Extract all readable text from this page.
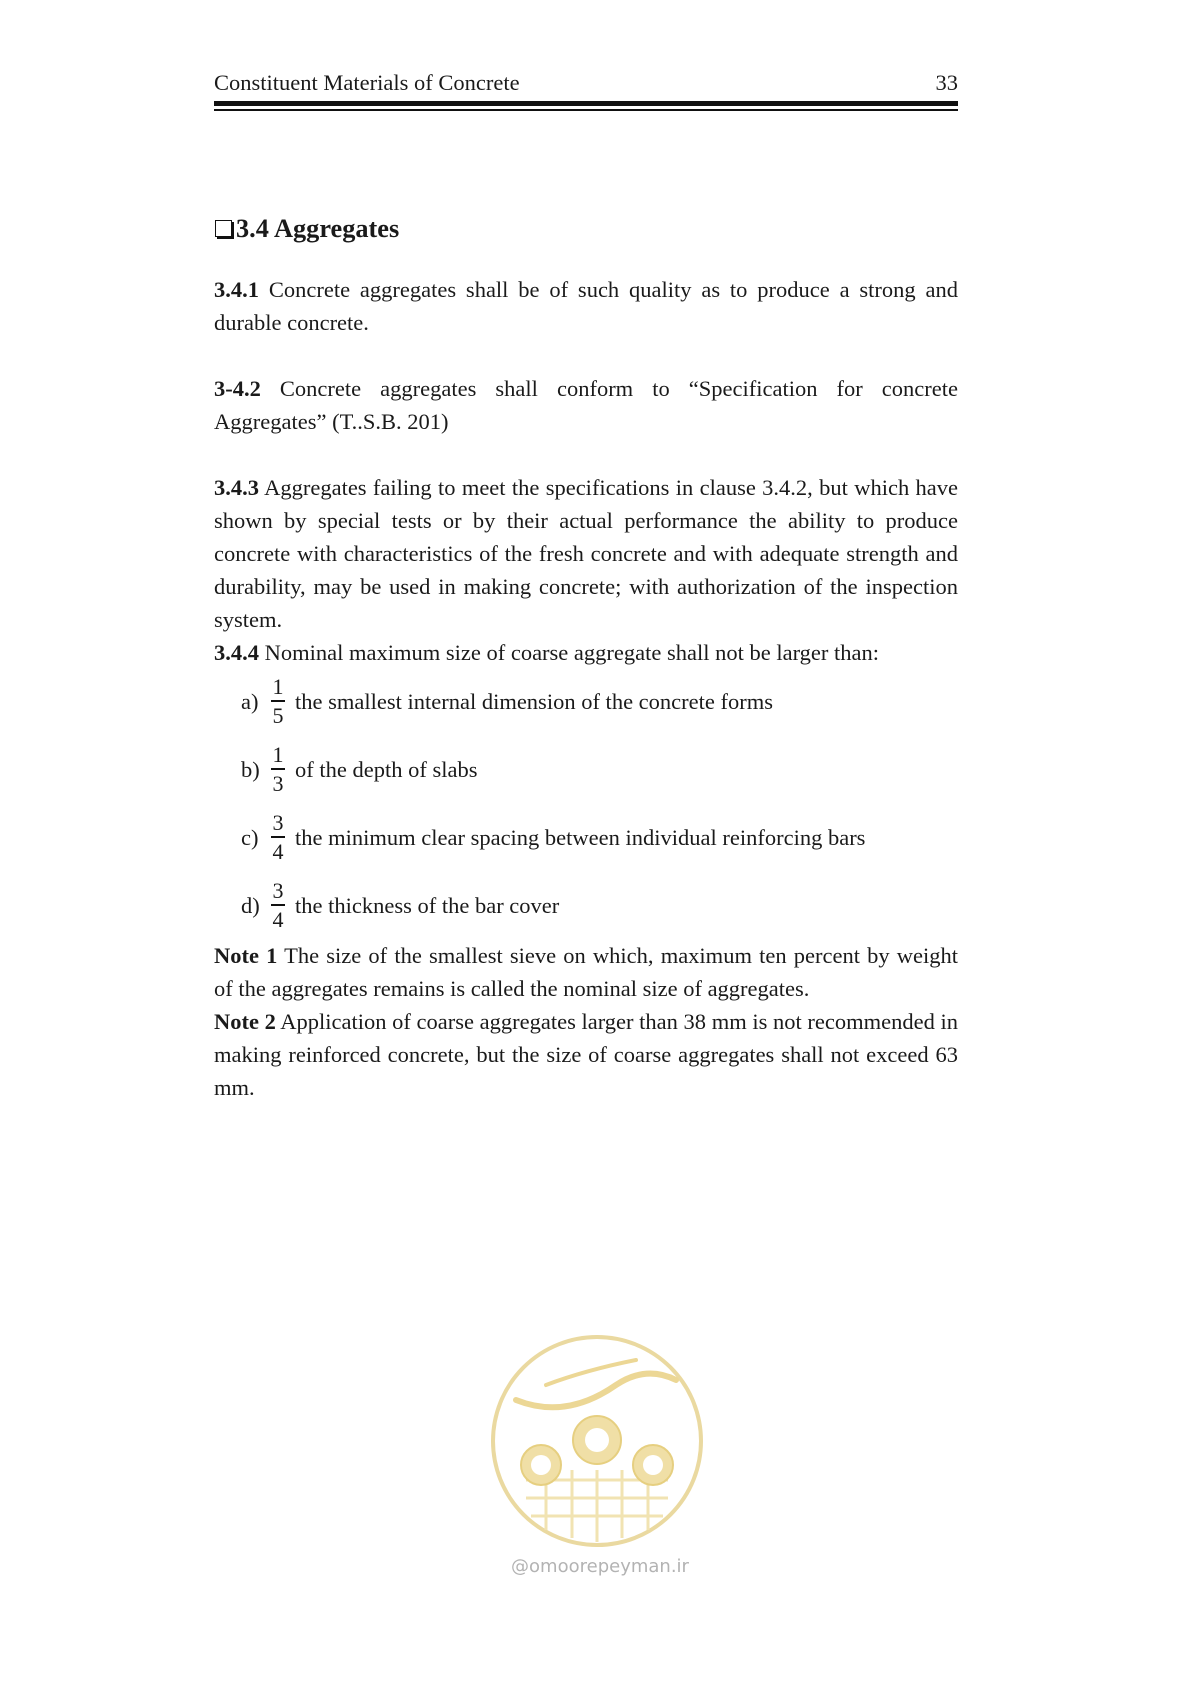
Constituent Materials of Concrete	33
3.4 Aggregates

3.4.1 Concrete aggregates shall be of such quality as to produce a strong and durable concrete.

3-4.2 Concrete aggregates shall conform to “Specification for concrete Aggregates” (T..S.B. 201)

3.4.3 Aggregates failing to meet the specifications in clause 3.4.2, but which have shown by special tests or by their actual performance the ability to produce concrete with characteristics of the fresh concrete and with adequate strength and durability, may be used in making concrete; with authorization of the inspection system.

3.4.4 Nominal maximum size of coarse aggregate shall not be larger than:

$a) \frac{1}{5}$ the smallest internal dimension of the concrete forms
$b) \frac{1}{3}$ of the depth of slabs
$c) \frac{3}{4}$ the minimum clear spacing between individual reinforcing bars
$d) \frac{3}{4}$ the thickness of the bar cover

Note 1 The size of the smallest sieve on which, maximum ten percent by weight of the aggregates remains is called the nominal size of aggregates.

Note 2 Application of coarse aggregates larger than 38 mm is not recommended in making reinforced concrete, but the size of coarse aggregates shall not exceed 63 mm.

@omoorepeyman.ir
